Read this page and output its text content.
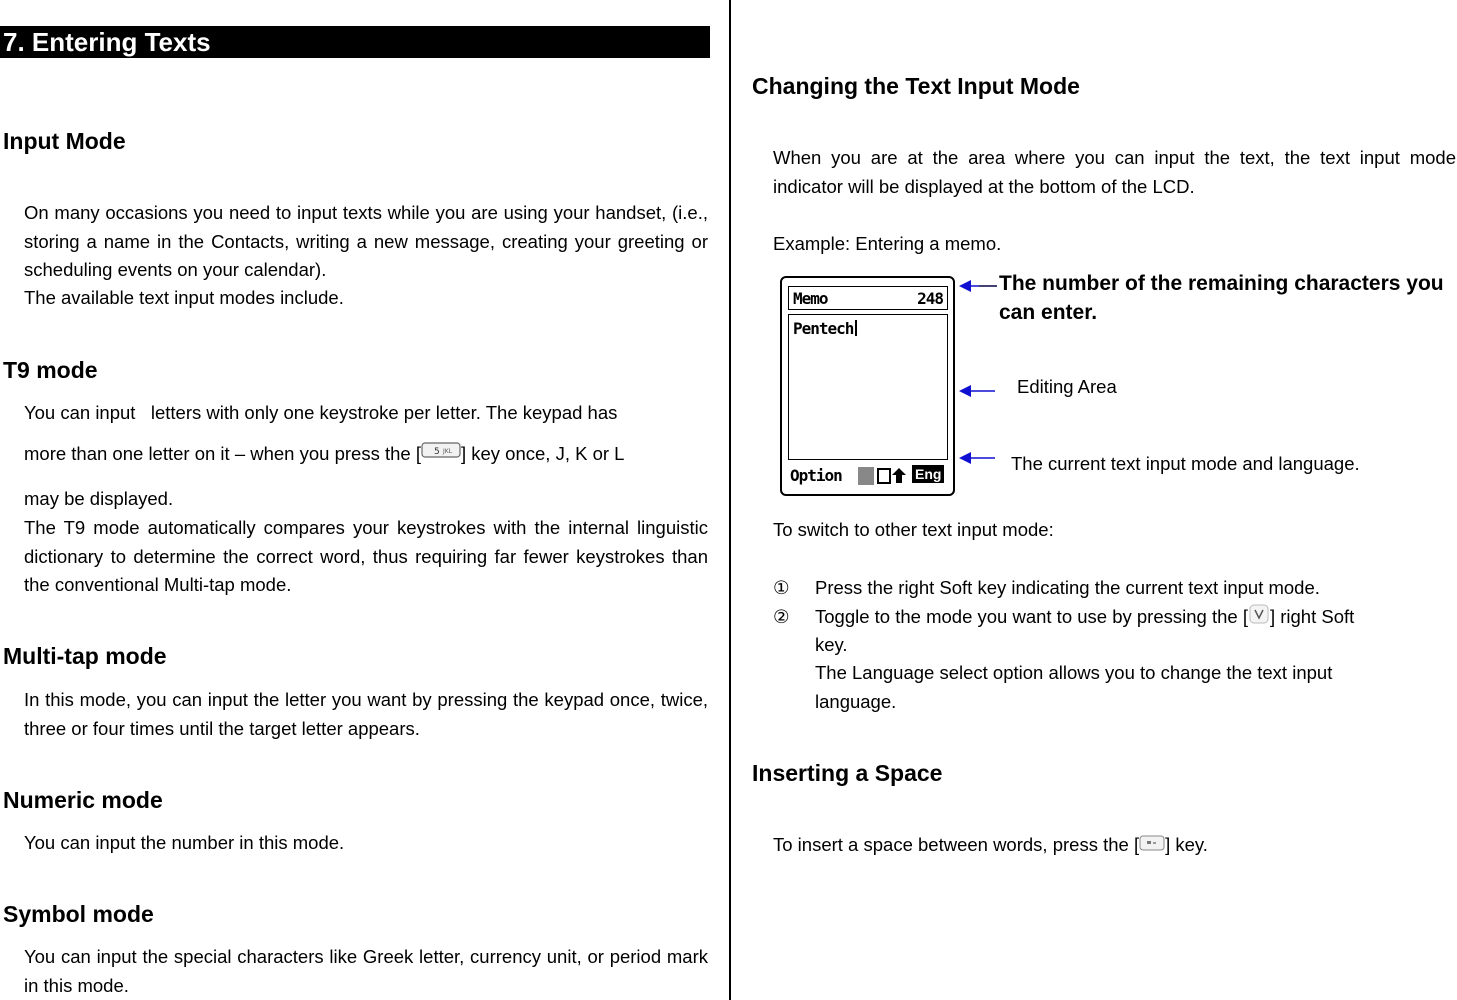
7. Entering Texts
Input Mode

On many occasions you need to input texts while you are using your handset, (i.e., storing a name in the Contacts, writing a new message, creating your greeting or scheduling events on your calendar).

The available text input modes include.

T9 mode

You can input   letters with only one keystroke per letter. The keypad has

more than one letter on it – when you press the [ 5 JKL ] key once, J, K or L

may be displayed.

The T9 mode automatically compares your keystrokes with the internal linguistic dictionary to determine the correct word, thus requiring far fewer keystrokes than the conventional Multi-tap mode.

Multi-tap mode

In this mode, you can input the letter you want by pressing the keypad once, twice, three or four times until the target letter appears.

Numeric mode

You can input the number in this mode.

Symbol mode

You can input the special characters like Greek letter, currency unit, or period mark in this mode.

Changing the Text Input Mode

When you are at the area where you can input the text, the text input mode indicator will be displayed at the bottom of the LCD.

Example: Entering a memo.

Memo	248
Pentech
Option	Eng

The number of the remaining characters you can enter.

Editing Area

The current text input mode and language.

To switch to other text input mode:

① Press the right Soft key indicating the current text input mode.

② Toggle to the mode you want to use by pressing the [ ] right Soft

key.

The Language select option allows you to change the text input language.

Inserting a Space
To insert a space between words, press the [ ] key.
